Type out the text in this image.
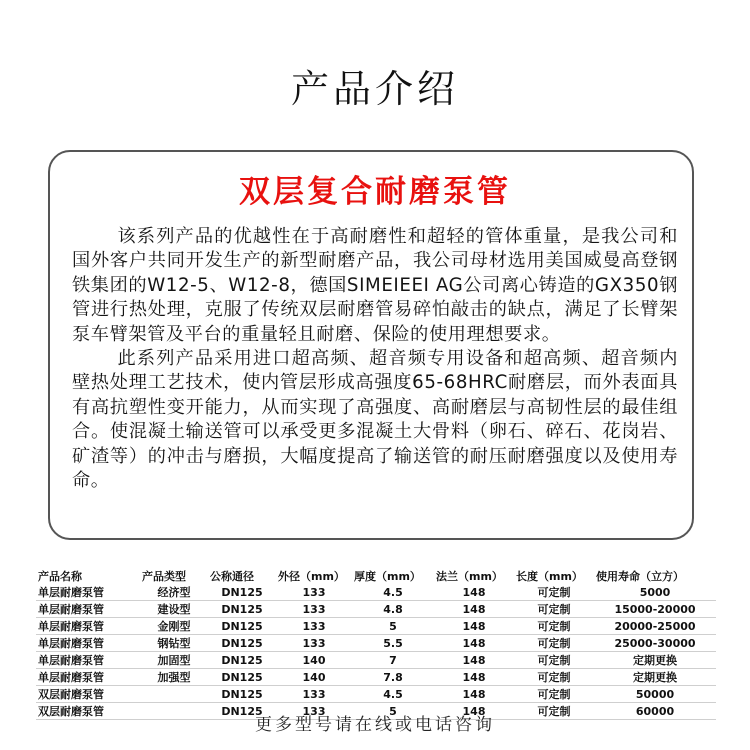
产品介绍
双层复合耐磨泵管

该系列产品的优越性在于高耐磨性和超轻的管体重量，是我公司和国外客户共同开发生产的新型耐磨产品，我公司母材选用美国威曼高登钢铁集团的W12-5、W12-8，德国SIMEIEEI AG公司离心铸造的GX350钢管进行热处理，克服了传统双层耐磨管易碎怕敲击的缺点，满足了长臂架泵车臂架管及平台的重量轻且耐磨、保险的使用理想要求。

此系列产品采用进口超高频、超音频专用设备和超高频、超音频内壁热处理工艺技术，使内管层形成高强度65-68HRC耐磨层，而外表面具有高抗塑性变开能力，从而实现了高强度、高耐磨层与高韧性层的最佳组合。使混凝土输送管可以承受更多混凝土大骨料（卵石、碎石、花岗岩、矿渣等）的冲击与磨损，大幅度提高了输送管的耐压耐磨强度以及使用寿命。

产品名称	产品类型	公称通径	外径（mm）	厚度（mm）	法兰（mm）	长度（mm）	使用寿命（立方）
单层耐磨泵管	经济型	DN125	133	4.5	148	可定制	5000
单层耐磨泵管	建设型	DN125	133	4.8	148	可定制	15000-20000
单层耐磨泵管	金刚型	DN125	133	5	148	可定制	20000-25000
单层耐磨泵管	钢钻型	DN125	133	5.5	148	可定制	25000-30000
单层耐磨泵管	加固型	DN125	140	7	148	可定制	定期更换
单层耐磨泵管	加强型	DN125	140	7.8	148	可定制	定期更换
双层耐磨泵管		DN125	133	4.5	148	可定制	50000
双层耐磨泵管		DN125	133	5	148	可定制	60000
更多型号请在线或电话咨询
